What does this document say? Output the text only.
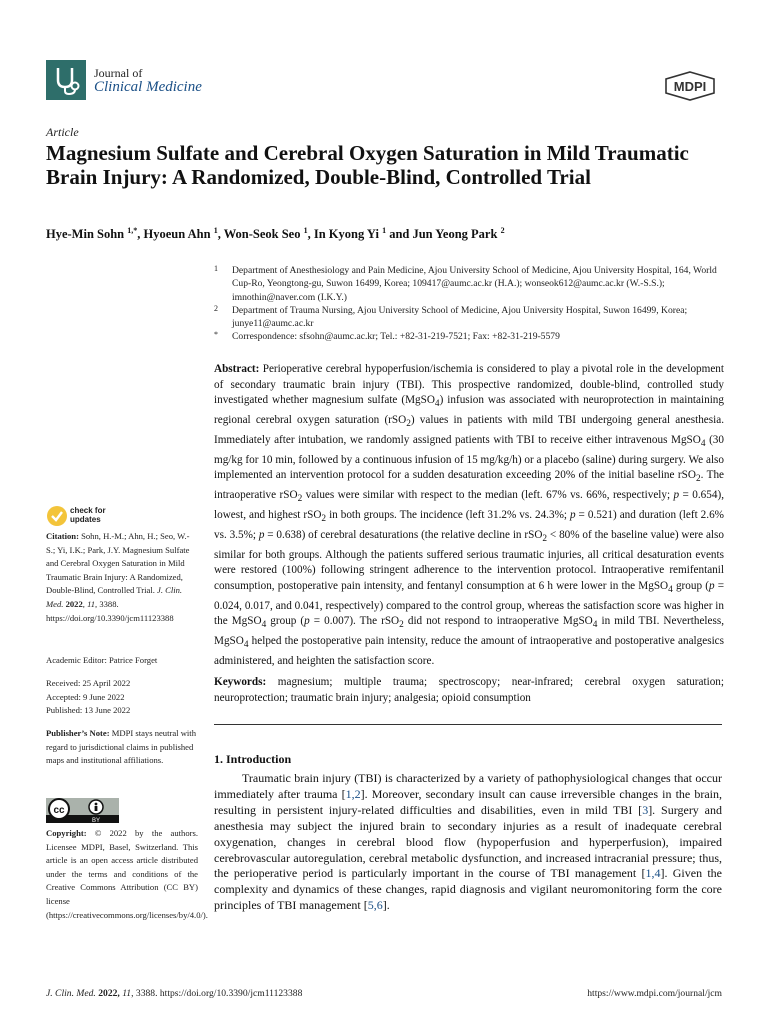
Journal of
Clinical Medicine	MDPI
Article
Magnesium Sulfate and Cerebral Oxygen Saturation in Mild Traumatic Brain Injury: A Randomized, Double-Blind, Controlled Trial
Hye-Min Sohn $^{1,*}$, Hyoeun Ahn $^1$, Won-Seok Seo $^1$, In Kyong Yi $^1$ and Jun Yeong Park $^2$
1 Department of Anesthesiology and Pain Medicine, Ajou University School of Medicine, Ajou University Hospital, 164, World Cup-Ro, Yeongtong-gu, Suwon 16499, Korea; 109417@aumc.ac.kr (H.A.); wonseok612@aumc.ac.kr (W.-S.S.); imnothin@naver.com (I.K.Y.)
2 Department of Trauma Nursing, Ajou University School of Medicine, Ajou University Hospital, Suwon 16499, Korea; junye11@aumc.ac.kr
* Correspondence: sfsohn@aumc.ac.kr; Tel.: +82-31-219-7521; Fax: +82-31-219-5579
Abstract: Perioperative cerebral hypoperfusion/ischemia is considered to play a pivotal role in the development of secondary traumatic brain injury (TBI). This prospective randomized, double-blind, controlled study investigated whether magnesium sulfate (MgSO$_4$) infusion was associated with neuroprotection in maintaining regional cerebral oxygen saturation (rSO$_2$) values in patients with mild TBI undergoing general anesthesia. Immediately after intubation, we randomly assigned patients with TBI to receive either intravenous MgSO$_4$ (30 mg/kg for 10 min, followed by a continuous infusion of 15 mg/kg/h) or a placebo (saline) during surgery. We also implemented an intervention protocol for a sudden desaturation exceeding 20% of the initial baseline rSO$_2$. The intraoperative rSO$_2$ values were similar with respect to the median (left. 67% vs. 66%, respectively; p = 0.654), lowest, and highest rSO$_2$ in both groups. The incidence (left 31.2% vs. 24.3%; p = 0.521) and duration (left 2.6% vs. 3.5%; p = 0.638) of cerebral desaturations (the relative decline in rSO$_2$ < 80% of the baseline value) were also similar for both groups. Although the patients suffered serious traumatic injuries, all critical desaturation events were restored (100%) following stringent adherence to the intervention protocol. Intraoperative remifentanil consumption, postoperative pain intensity, and fentanyl consumption at 6 h were lower in the MgSO$_4$ group (p = 0.024, 0.017, and 0.041, respectively) compared to the control group, whereas the satisfaction score was higher in the MgSO$_4$ group (p = 0.007). The rSO$_2$ did not respond to intraoperative MgSO$_4$ in mild TBI. Nevertheless, MgSO$_4$ helped the postoperative pain intensity, reduce the amount of intraoperative and postoperative analgesics administered, and heighten the satisfaction score.
Keywords: magnesium; multiple trauma; spectroscopy; near-infrared; cerebral oxygen saturation; neuroprotection; traumatic brain injury; analgesia; opioid consumption
1. Introduction
Traumatic brain injury (TBI) is characterized by a variety of pathophysiological changes that occur immediately after trauma [1,2]. Moreover, secondary insult can cause irreversible changes in the brain, resulting in persistent injury-related difficulties and disabilities, even in mild TBI [3]. Surgery and anesthesia may subject the injured brain to secondary injuries as a result of inadequate cerebral oxygenation, changes in cerebral blood flow (hypoperfusion and hyperperfusion), impaired cerebrovascular autoregulation, cerebral metabolic dysfunction, and increased intracranial pressure; thus, the perioperative period is particularly important in the course of TBI management [1,4]. Given the complexity and dynamics of these changes, rapid diagnosis and vigilant neuromonitoring form the core principles of TBI management [5,6].
check for
updates
Citation: Sohn, H.-M.; Ahn, H.; Seo, W.-S.; Yi, I.K.; Park, J.Y. Magnesium Sulfate and Cerebral Oxygen Saturation in Mild Traumatic Brain Injury: A Randomized, Double-Blind, Controlled Trial. J. Clin. Med. 2022, 11, 3388. https://doi.org/10.3390/jcm11123388
Academic Editor: Patrice Forget
Received: 25 April 2022
Accepted: 9 June 2022
Published: 13 June 2022
Publisher’s Note: MDPI stays neutral with regard to jurisdictional claims in published maps and institutional affiliations.
cc
BY
Copyright: © 2022 by the authors. Licensee MDPI, Basel, Switzerland. This article is an open access article distributed under the terms and conditions of the Creative Commons Attribution (CC BY) license (https://creativecommons.org/licenses/by/4.0/).
J. Clin. Med. 2022, 11, 3388. https://doi.org/10.3390/jcm11123388	https://www.mdpi.com/journal/jcm
